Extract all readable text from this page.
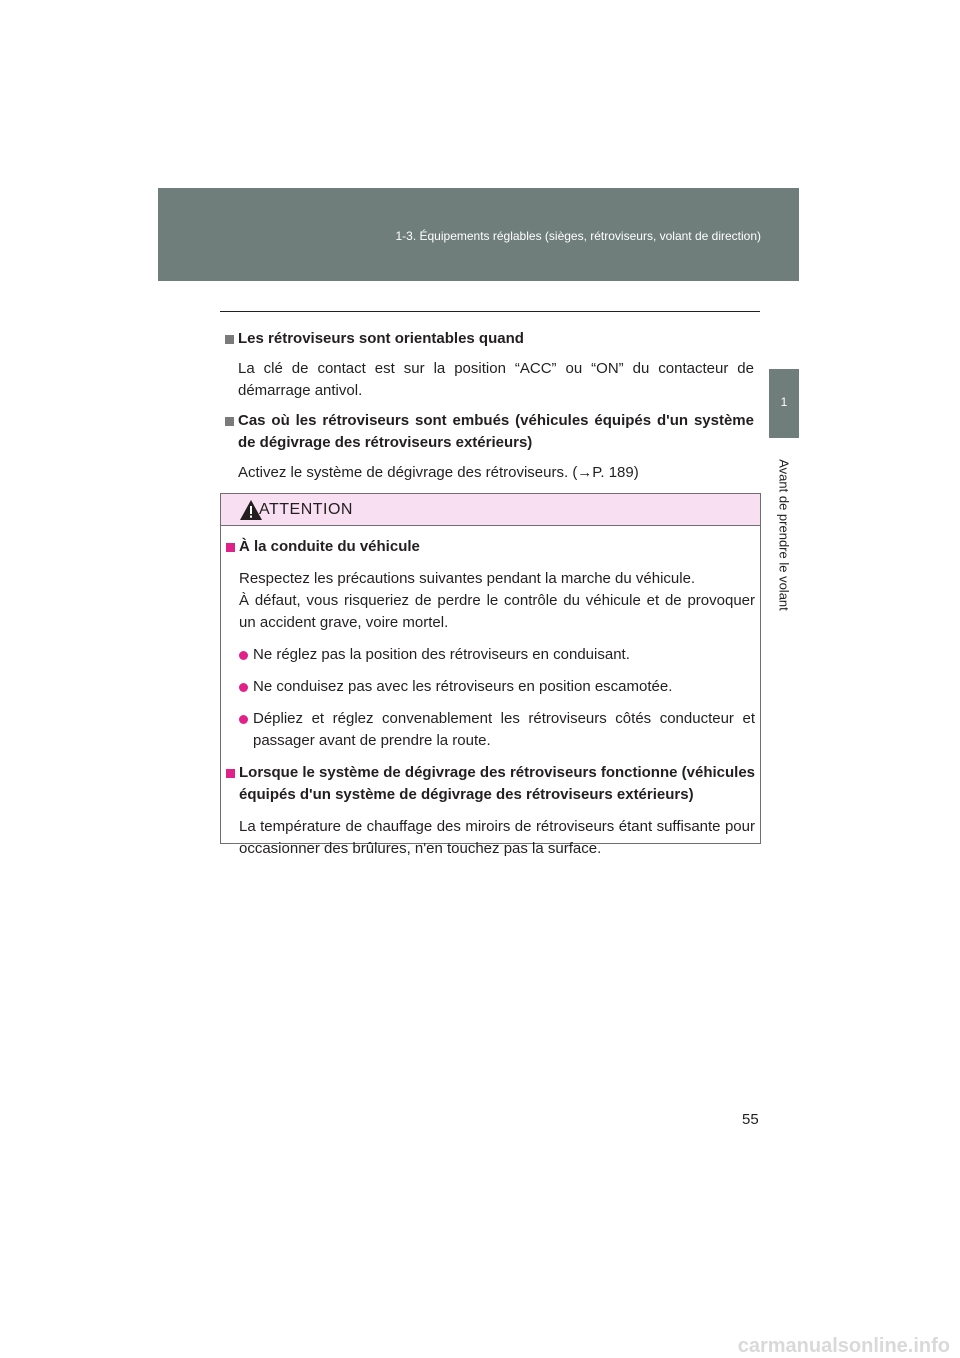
1-3. Équipements réglables (sièges, rétroviseurs, volant de direction)
1
Avant de prendre le volant

Les rétroviseurs sont orientables quand

La clé de contact est sur la position “ACC” ou “ON” du contacteur de démarrage antivol.

Cas où les rétroviseurs sont embués (véhicules équipés d'un système de dégivrage des rétroviseurs extérieurs)

Activez le système de dégivrage des rétroviseurs. (→P. 189)

ATTENTION

À la conduite du véhicule

Respectez les précautions suivantes pendant la marche du véhicule.

À défaut, vous risqueriez de perdre le contrôle du véhicule et de provoquer un accident grave, voire mortel.

Ne réglez pas la position des rétroviseurs en conduisant.

Ne conduisez pas avec les rétroviseurs en position escamotée.

Dépliez et réglez convenablement les rétroviseurs côtés conducteur et passager avant de prendre la route.

Lorsque le système de dégivrage des rétroviseurs fonctionne (véhicules équipés d'un système de dégivrage des rétroviseurs extérieurs)

La température de chauffage des miroirs de rétroviseurs étant suffisante pour occasionner des brûlures, n'en touchez pas la surface.

55
carmanualsonline.info
